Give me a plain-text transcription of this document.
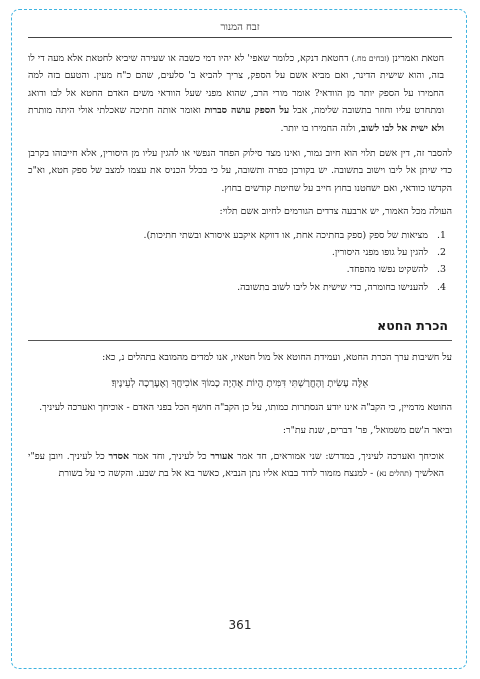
זבח המנור

חטאת ואמרינן (זבחים מח.) דחטאת דנקא, כלומר שאפי' לא יהיו דמי כשבה או שעירה שיביא לחטאת אלא מעה די לו בזה, והוא שישית הדינר, ואם מביא אשם על הספק, צריך להביא ב' סלעים, שהם כ"ח מעין. והטעם בזה למה החמירו על הספק יותר מן הוודאי? אומר מורי הרב, שהוא מפני שעל הוודאי משים האדם החטא אל לבו ודואג ומתחרט עליו וחוזר בתשובה שלימה, אבל על הספק עושה סברות ואומר אותה חתיכה שאכלתי אולי היתה מותרת ולא ישית אל לבו לשוב, ולזה החמירו בו יותר.

להסבר זה, דין אשם תלוי הוא חיוב גמור, ואינו מצד סילוק הפחד הנפשי או להגין עליו מן היסורין, אלא חייבוהו בקרבן כדי שיתן אל ליבו וישוב בתשובה. יש בקורבן כפרה ותשובה, על כי בכלל הכניס את עצמו למצב של ספק חטא, וא"כ הקדשו כוודאי, ואם ישחטנו בחוץ חייב על שחיטת קודשים בחוץ.

העולה מכל האמור, יש ארבעה צדדים הגורמים לחיוב אשם תלוי:

1.
מציאות של ספק (ספק בחתיכה אחת, או דווקא איקבע איסורא ובשתי חתיכות).
2.
להגין על גופו מפני היסורין.
3.
להשקיט נפשו מהפחד.
4.
להענישו בחומרה, כדי שישית אל ליבו לשוב בתשובה.
הכרת החטא

על חשיבות ערך הכרת החטא, ועמידת החוטא אל מול חטאיו, אנו למדים מהמובא בתהלים נ, כא:

אֵלֶּה עָשִׂיתָ וְהֶחֱרַשְׁתִּי דִּמִּיתָ הֱיוֹת אֶהְיֶה כָמוֹךָ אוֹכִיחֲךָ וְאֶעֶרְכָה לְעֵינֶיךָ׃

החוטא מדמיין, כי הקב"ה אינו יודע הנסתרות כמותו, על כן הקב"ה חושף הכל בפני האדם - אוכיחך ואערכה לעיניך.

וביאר ה'שם משמואל', פר' דברים, שנת עת"ר:

אוכיחך ואערכה לעיניך, במדרש: שני אמוראים, חד אמר אעורר כל לעיניך, וחד אמר אסדר כל לעיניך. ויובן עפ"י האלשיך (תהלים נא) - למנצח מזמור לדוד בבוא אליו נתן הנביא, כאשר בא אל בת שבע. והקשה כי על בשורת

361
